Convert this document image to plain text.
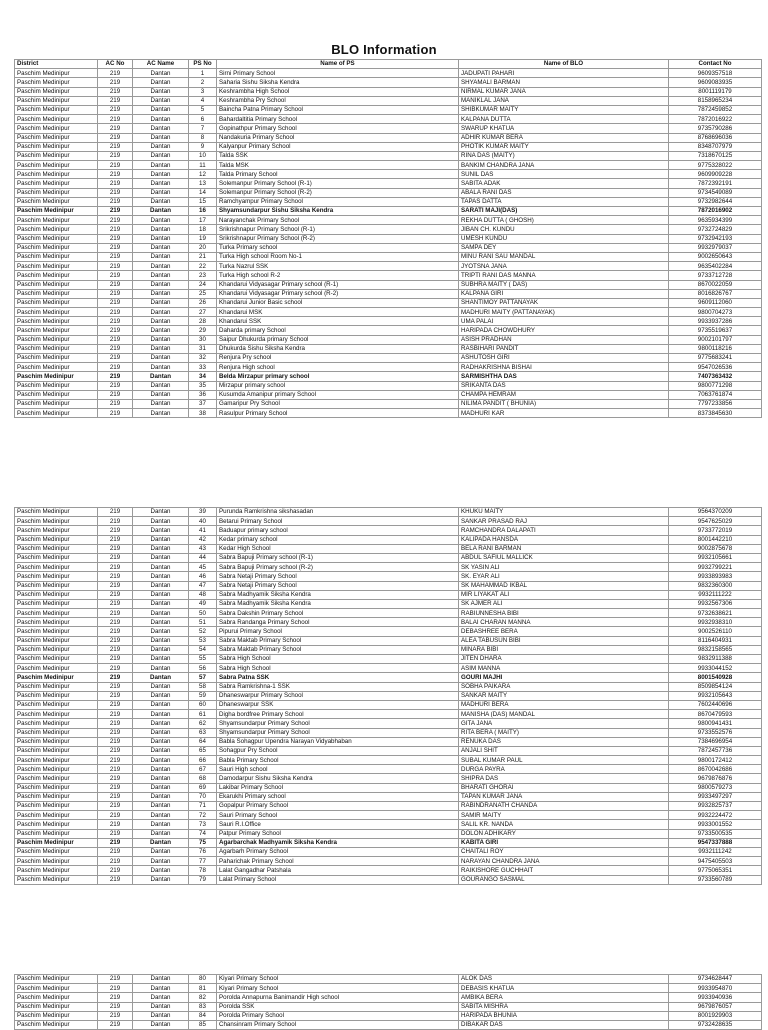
BLO Information
District	AC No	AC Name	PS No	Name of PS	Name of BLO	Contact No
Paschim Medinipur	219	Dantan	1	Sirni Primary School	JADUPATI PAHARI	9609357518
Paschim Medinipur	219	Dantan	2	Saharia Sishu Siksha Kendra	SHYAMALI BARMAN	9609083935
Paschim Medinipur	219	Dantan	3	Keshrambha High School	NIRMAL KUMAR JANA	8001119179
Paschim Medinipur	219	Dantan	4	Keshrambha Pry School	MANIKLAL JANA	8158965234
Paschim Medinipur	219	Dantan	5	Baincha Patna Primary School	SHIBKUMAR MAITY	7872459852
Paschim Medinipur	219	Dantan	6	Bahardaltitia Primary School	KALPANA DUTTA	7872016922
Paschim Medinipur	219	Dantan	7	Gopinathpur Primary School	SWARUP KHATUA	9735790286
Paschim Medinipur	219	Dantan	8	Nandakuria Primary School	ADHIR KUMAR BERA	8768696036
Paschim Medinipur	219	Dantan	9	Kalyanpur Primary School	PHOTIK KUMAR MAITY	8348707979
Paschim Medinipur	219	Dantan	10	Talda SSK	RINA DAS (MAITY)	7318670125
Paschim Medinipur	219	Dantan	11	Talda MSK	BANKIM CHANDRA JANA	9775328022
Paschim Medinipur	219	Dantan	12	Talda Primary School	SUNIL DAS	9609909228
Paschim Medinipur	219	Dantan	13	Solemanpur Primary School (R-1)	SABITA ADAK	7872392191
Paschim Medinipur	219	Dantan	14	Solemanpur Primary School (R-2)	ABALA RANI DAS	9734549089
Paschim Medinipur	219	Dantan	15	Ramchyampur Primary School	TAPAS DATTA	9732982644
Paschim Medinipur	219	Dantan	16	Shyamsundarpur Sishu Siksha Kendra	SARATI MAJI(DAS)	7872016902
Paschim Medinipur	219	Dantan	17	Narayanchak Primary School	REKHA DUTTA ( GHOSH)	9635934399
Paschim Medinipur	219	Dantan	18	Srikrishnapur Primary School (R-1)	JIBAN CH. KUNDU	9732724829
Paschim Medinipur	219	Dantan	19	Srikrishnapur Primary School (R-2)	UMESH KUNDU	9732942193
Paschim Medinipur	219	Dantan	20	Turka Primary school	SAMPA DEY	9932979037
Paschim Medinipur	219	Dantan	21	Turka High school Room No-1	MINU RANI SAU MANDAL	9002650643
Paschim Medinipur	219	Dantan	22	Turka Nazrul SSK	JYOTSNA JANA	9635402284
Paschim Medinipur	219	Dantan	23	Turka High school R-2	TRIPTI RANI DAS MANNA	9733712728
Paschim Medinipur	219	Dantan	24	Khandarui Vidyasagar Primary school (R-1)	SUBHRA MAITY ( DAS)	8670022059
Paschim Medinipur	219	Dantan	25	Khandarui Vidyasagar Primary school (R-2)	KALPANA GIRI	8016826767
Paschim Medinipur	219	Dantan	26	Khandarui Junior Basic school	SHANTIMOY PATTANAYAK	9609112060
Paschim Medinipur	219	Dantan	27	Khandarui MSK	MADHURI MAITY (PATTANAYAK)	9800704273
Paschim Medinipur	219	Dantan	28	Khandarui SSK	UMA PALAI	9933937286
Paschim Medinipur	219	Dantan	29	Daharda primary School	HARIPADA CHOWDHURY	9735519637
Paschim Medinipur	219	Dantan	30	Saipur Dhukurda primary School	ASISH PRADHAN	9002101797
Paschim Medinipur	219	Dantan	31	Dhukurda Sishu Siksha Kendra	RASBIHARI PANDIT	9800118216
Paschim Medinipur	219	Dantan	32	Renjura Pry school	ASHUTOSH GIRI	9775683241
Paschim Medinipur	219	Dantan	33	Renjura High school	RADHAKRISHNA BISHAI	9547026536
Paschim Medinipur	219	Dantan	34	Belda Mirzapur primary school	SARMISHTHA DAS	7407363432
Paschim Medinipur	219	Dantan	35	Mirzapur primary school	SRIKANTA DAS	9800771298
Paschim Medinipur	219	Dantan	36	Kusumda Amanipur primary School	CHAMPA HEMRAM	7063761874
Paschim Medinipur	219	Dantan	37	Gamaripur Pry School	NILIMA PANDIT ( BHUNIA)	7797233856
Paschim Medinipur	219	Dantan	38	Rasulpur Primary School	MADHURI KAR	8373845630
Paschim Medinipur	219	Dantan	39	Purunda Ramkrishna sikshasadan	KHUKU MAITY	9564370209
Paschim Medinipur	219	Dantan	40	Betarui Primary School	SANKAR PRASAD RAJ	9547625029
Paschim Medinipur	219	Dantan	41	Baduapur primary school	RAMCHANDRA DALAPATI	9733772019
Paschim Medinipur	219	Dantan	42	Kedar primary school	KALIPADA HANSDA	8001442210
Paschim Medinipur	219	Dantan	43	Kedar High School	BELA RANI BARMAN	9002875678
Paschim Medinipur	219	Dantan	44	Sabra Bapuji Primary school (R-1)	ABDUL SAFIUL MALLICK	9932105661
Paschim Medinipur	219	Dantan	45	Sabra Bapuji Primary school (R-2)	SK YASIN ALI	9932799221
Paschim Medinipur	219	Dantan	46	Sabra Netaji Primary School	SK. EYAR ALI	9933893983
Paschim Medinipur	219	Dantan	47	Sabra Netaji Primary School	SK MAHAMMAD IKBAL	9832360300
Paschim Medinipur	219	Dantan	48	Sabra Madhyamik Siksha Kendra	MIR LIYAKAT ALI	9932111222
Paschim Medinipur	219	Dantan	49	Sabra Madhyamik Siksha Kendra	SK AJMER ALI	9932567306
Paschim Medinipur	219	Dantan	50	Sabra Dakshin Primary School	RABIUNNESHA BIBI	9732638621
Paschim Medinipur	219	Dantan	51	Sabra Randanga Primary School	BALAI CHARAN MANNA	9932938310
Paschim Medinipur	219	Dantan	52	Pipurui Primary School	DEBASHREE BERA	9002526110
Paschim Medinipur	219	Dantan	53	Sabra Maktab Primary School	ALEA TABUSUN BIBI	8116404931
Paschim Medinipur	219	Dantan	54	Sabra Maktab Primary School	MINARA BIBI	9832158565
Paschim Medinipur	219	Dantan	55	Sabra High School	JITEN DHARA	9832911388
Paschim Medinipur	219	Dantan	56	Sabra High School	ASIM MANNA	9933044152
Paschim Medinipur	219	Dantan	57	Sabra Patna SSK	GOURI MAJHI	8001540928
Paschim Medinipur	219	Dantan	58	Sabra Ramkrishna-1 SSK	SOBHA PAIKARA	8509854124
Paschim Medinipur	219	Dantan	59	Dhaneswarpur Primary School	SANKAR MAITY	9932105643
Paschim Medinipur	219	Dantan	60	Dhaneswarpur SSK	MADHURI BERA	7602440696
Paschim Medinipur	219	Dantan	61	Digha bordfree Primary School	MANISHA (DAS) MANDAL	8670479593
Paschim Medinipur	219	Dantan	62	Shyamsundarpur Primary School	GITA JANA	9800941431
Paschim Medinipur	219	Dantan	63	Shyamsundarpur Primary School	RITA BERA ( MAITY)	9733552576
Paschim Medinipur	219	Dantan	64	Babla Sohagpur Upendra Narayan Vidyabhaban	RENUKA DAS	7384696954
Paschim Medinipur	219	Dantan	65	Sohagpur Pry School	ANJALI SHIT	7872457736
Paschim Medinipur	219	Dantan	66	Babla Primary School	SUBAL KUMAR PAUL	9800172412
Paschim Medinipur	219	Dantan	67	Sauri High school	DURGA PAYRA	8670042686
Paschim Medinipur	219	Dantan	68	Damodarpur Sishu Siksha Kendra	SHIPRA DAS	9679876876
Paschim Medinipur	219	Dantan	69	Lakibar Primary School	BHARATI GHORAI	9800579273
Paschim Medinipur	219	Dantan	70	Ekarukhi Primary school	TAPAN KUMAR JANA	9933497297
Paschim Medinipur	219	Dantan	71	Gopalpur Primary School	RABINDRANATH CHANDA	9932825737
Paschim Medinipur	219	Dantan	72	Sauri Primary School	SAMIR MAITY	9932224472
Paschim Medinipur	219	Dantan	73	Sauri R.I.Office	SALIL KR. NANDA	9933001552
Paschim Medinipur	219	Dantan	74	Patpur Primary School	DOLON ADHIKARY	9733500535
Paschim Medinipur	219	Dantan	75	Agarbarchak Madhyamik Siksha Kendra	KABITA GIRI	9547337888
Paschim Medinipur	219	Dantan	76	Agarbarh Primary School	CHAITALI ROY	9932111242
Paschim Medinipur	219	Dantan	77	Paharichak Primary School	NARAYAN CHANDRA JANA	9475405503
Paschim Medinipur	219	Dantan	78	Lalat Gangadhar Patshala	RAIKISHORE GUCHHAIT	9775065351
Paschim Medinipur	219	Dantan	79	Lalat Primary School	GOURANGO SASMAL	9733560789
Paschim Medinipur	219	Dantan	80	Kiyari Primary School	ALOK DAS	9734628447
Paschim Medinipur	219	Dantan	81	Kiyari Primary School	DEBASIS KHATUA	9933954870
Paschim Medinipur	219	Dantan	82	Porolda Annapurna Banimandir High school	AMBIKA BERA	9933940936
Paschim Medinipur	219	Dantan	83	Porolda SSK	SABITA MISHRA	9679876057
Paschim Medinipur	219	Dantan	84	Porolda Primary School	HARIPADA BHUNIA	8001929903
Paschim Medinipur	219	Dantan	85	Chansinram Primary School	DIBAKAR DAS	9732428635
